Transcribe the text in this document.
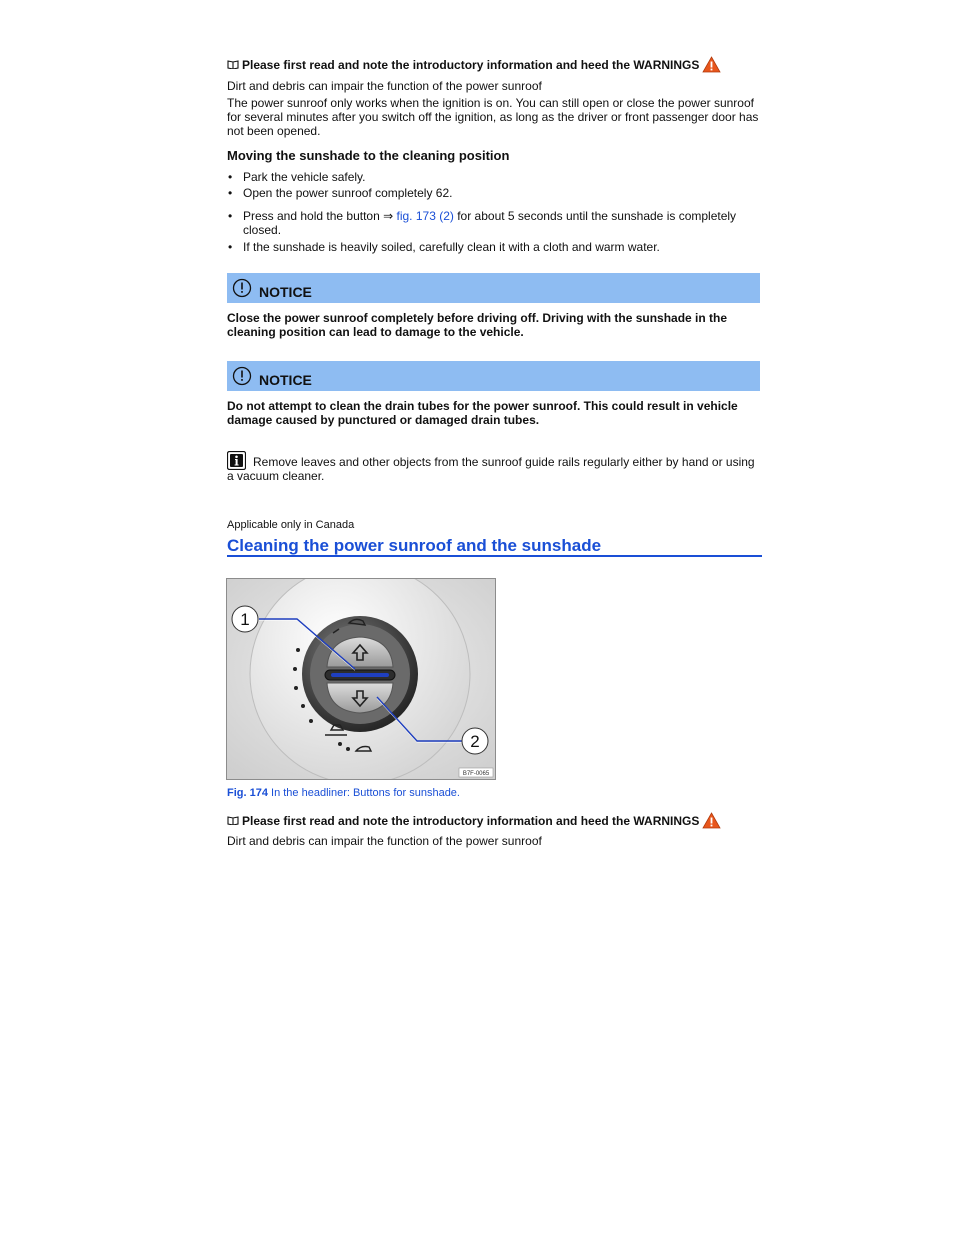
Please first read and note the introductory information and heed the WARNINGS
Dirt and debris can impair the function of the power sunroof
The power sunroof only works when the ignition is on. You can still open or close the power sunroof for several minutes after you switch off the ignition, as long as the driver or front passenger door has not been opened.
Moving the sunshade to the cleaning position
• Park the vehicle safely.
• Open the power sunroof completely 62.
• Press and hold the button ⇒ fig. 173 (2) for about 5 seconds until the sunshade is completely closed.
• If the sunshade is heavily soiled, carefully clean it with a cloth and warm water.
NOTICE
Close the power sunroof completely before driving off. Driving with the sunshade in the cleaning position can lead to damage to the vehicle.
NOTICE
Do not attempt to clean the drain tubes for the power sunroof. This could result in vehicle damage caused by punctured or damaged drain tubes.
Remove leaves and other objects from the sunroof guide rails regularly either by hand or using a vacuum cleaner.
Applicable only in Canada
Cleaning the power sunroof and the sunshade
1
2
B7F-0065
Fig. 174 In the headliner: Buttons for sunshade.
Please first read and note the introductory information and heed the WARNINGS
Dirt and debris can impair the function of the power sunroof
